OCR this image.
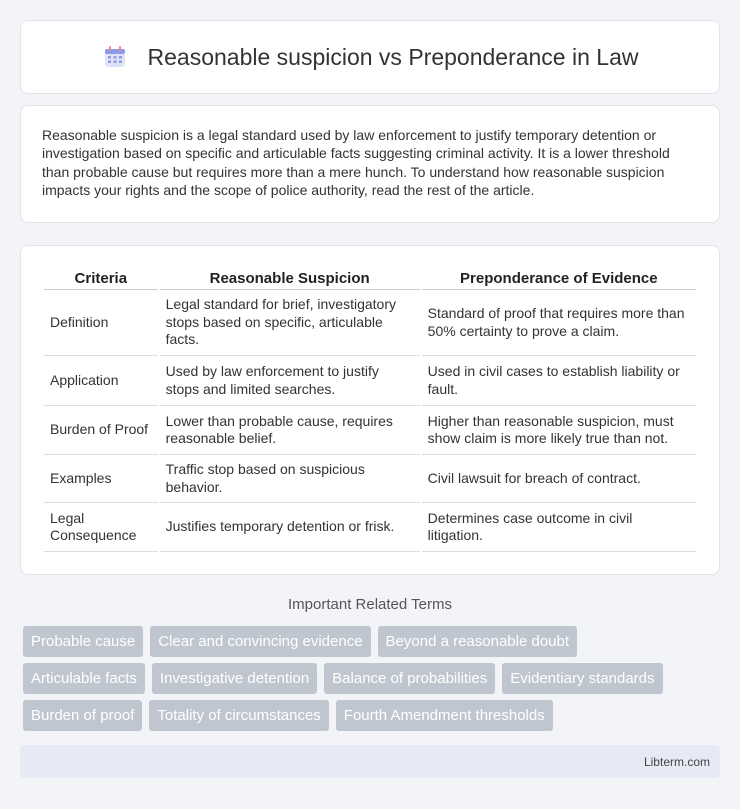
Reasonable suspicion vs Preponderance in Law

Reasonable suspicion is a legal standard used by law enforcement to justify temporary detention or investigation based on specific and articulable facts suggesting criminal activity. It is a lower threshold than probable cause but requires more than a mere hunch. To understand how reasonable suspicion impacts your rights and the scope of police authority, read the rest of the article.

Criteria	Reasonable Suspicion	Preponderance of Evidence
Definition	Legal standard for brief, investigatory stops based on specific, articulable facts.	Standard of proof that requires more than 50% certainty to prove a claim.
Application	Used by law enforcement to justify stops and limited searches.	Used in civil cases to establish liability or fault.
Burden of Proof	Lower than probable cause, requires reasonable belief.	Higher than reasonable suspicion, must show claim is more likely true than not.
Examples	Traffic stop based on suspicious behavior.	Civil lawsuit for breach of contract.
Legal Consequence	Justifies temporary detention or frisk.	Determines case outcome in civil litigation.
Important Related Terms
Probable cause	Clear and convincing evidence	Beyond a reasonable doubt
Articulable facts	Investigative detention	Balance of probabilities	Evidentiary standards
Burden of proof	Totality of circumstances	Fourth Amendment thresholds
Libterm.com
